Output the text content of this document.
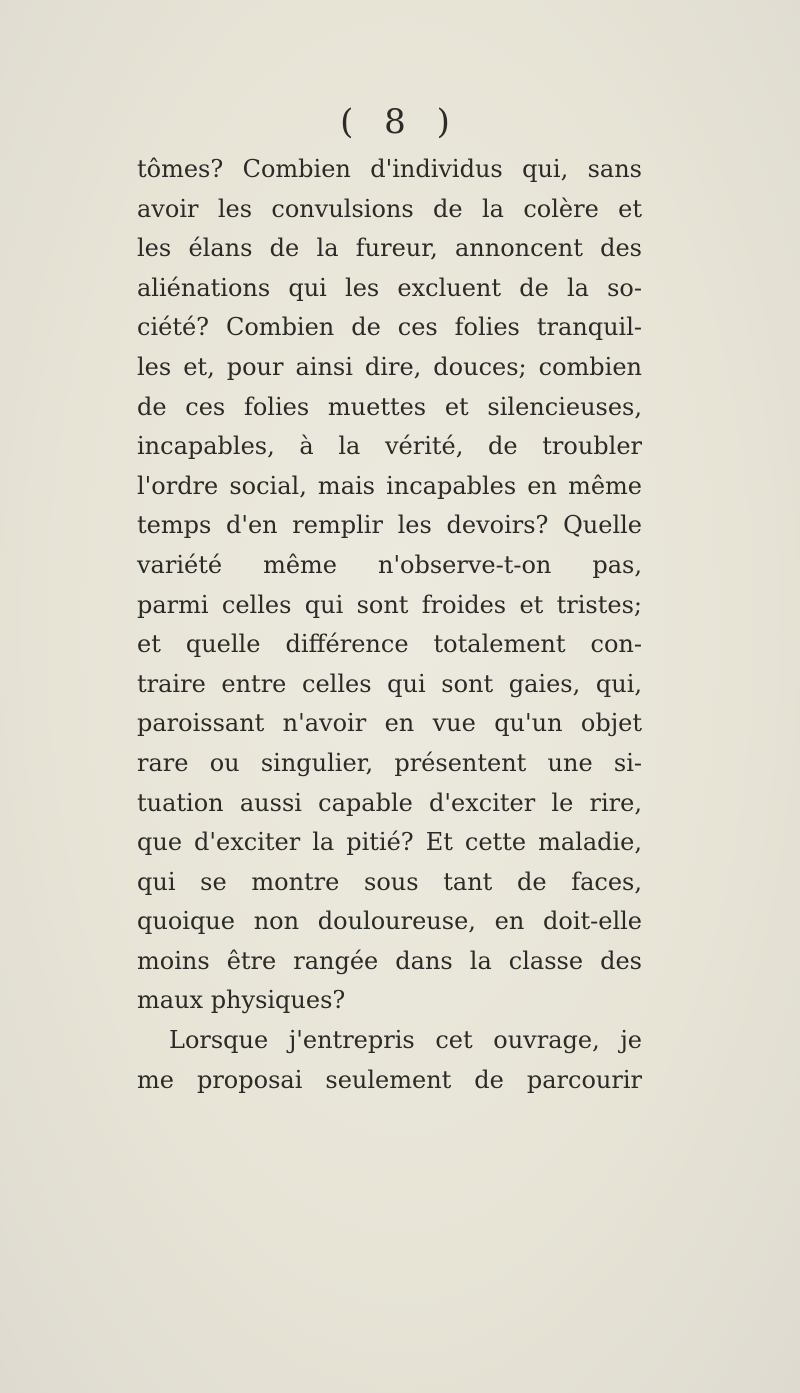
( 8 )
tômes? Combien d'individus qui, sans
avoir les convulsions de la colère et
les élans de la fureur, annoncent des
aliénations qui les excluent de la so-
ciété? Combien de ces folies tranquil-
les et, pour ainsi dire, douces; combien
de ces folies muettes et silencieuses,
incapables, à la vérité, de troubler
l'ordre social, mais incapables en même
temps d'en remplir les devoirs? Quelle
variété même n'observe-t-on pas,
parmi celles qui sont froides et tristes;
et quelle différence totalement con-
traire entre celles qui sont gaies, qui,
paroissant n'avoir en vue qu'un objet
rare ou singulier, présentent une si-
tuation aussi capable d'exciter le rire,
que d'exciter la pitié? Et cette maladie,
qui se montre sous tant de faces,
quoique non douloureuse, en doit-elle
moins être rangée dans la classe des
maux physiques?
Lorsque j'entrepris cet ouvrage, je
me proposai seulement de parcourir
